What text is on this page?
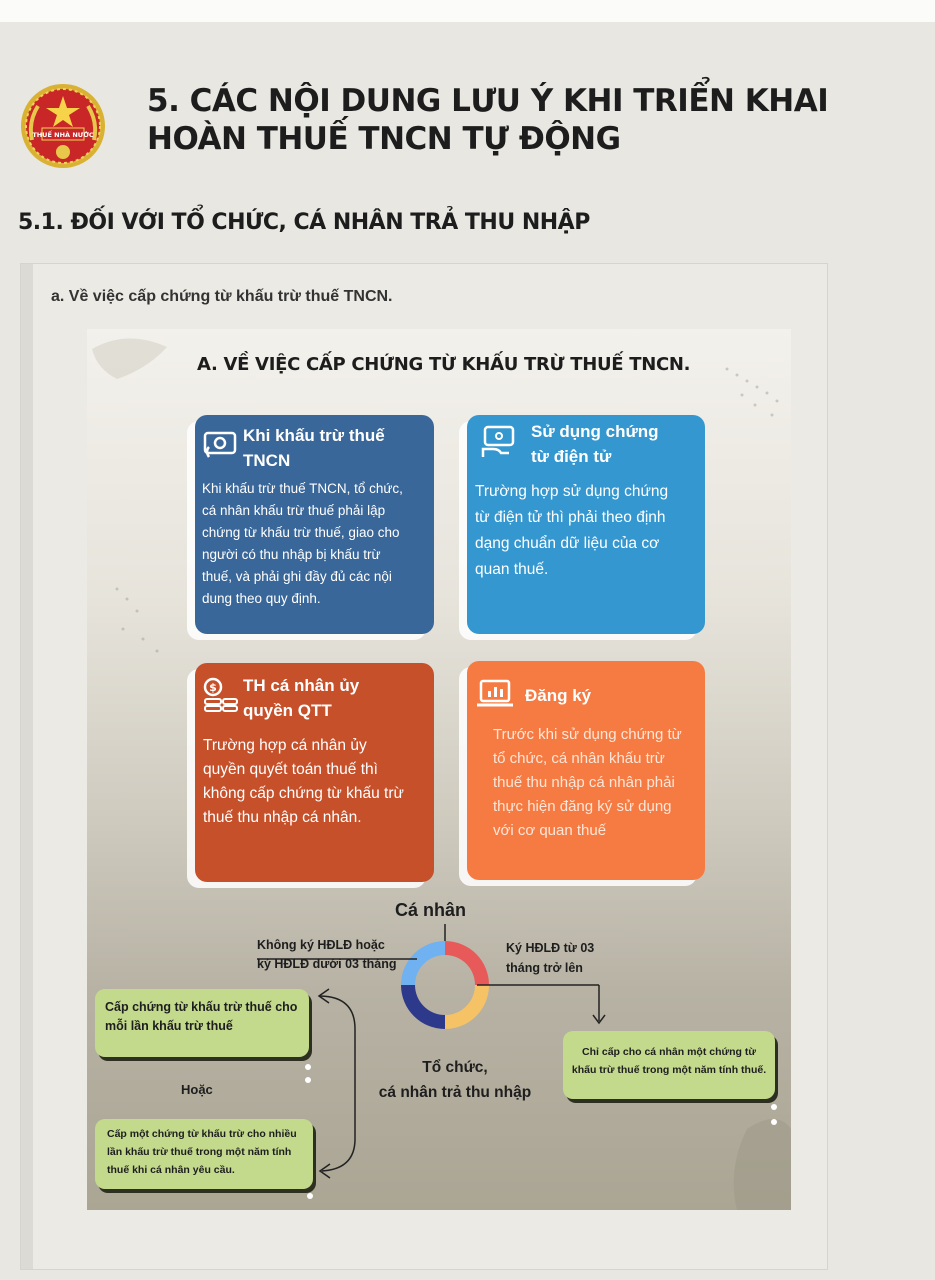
THUẾ NHÀ NƯỚC
5. CÁC NỘI DUNG LƯU Ý KHI TRIỂN KHAI
HOÀN THUẾ TNCN TỰ ĐỘNG
5.1. ĐỐI VỚI TỔ CHỨC, CÁ NHÂN TRẢ THU NHẬP
a. Về việc cấp chứng từ khấu trừ thuế TNCN.
A. VỀ VIỆC CẤP CHỨNG TỪ KHẤU TRỪ THUẾ TNCN.
Khi khấu trừ thuế
TNCN
Khi khấu trừ thuế TNCN, tổ chức,
cá nhân khấu trừ thuế phải lập
chứng từ khấu trừ thuế, giao cho
người có thu nhập bị khấu trừ
thuế, và phải ghi đầy đủ các nội
dung theo quy định.
Sử dụng chứng
từ điện tử
Trường hợp sử dụng chứng
từ điện tử thì phải theo định
dạng chuẩn dữ liệu của cơ
quan thuế.
$ TH cá nhân ủy
quyền QTT
Trường hợp cá nhân ủy
quyền quyết toán thuế thì
không cấp chứng từ khấu trừ
thuế thu nhập cá nhân.
Đăng ký
Trước khi sử dụng chứng từ
tổ chức, cá nhân khấu trừ
thuế thu nhập cá nhân phải
thực hiện đăng ký sử dụng
với cơ quan thuế
Cá nhân
Không ký HĐLĐ hoặc
ký HĐLĐ dưới 03 tháng
Ký HĐLĐ từ 03
tháng trở lên
Tổ chức,
cá nhân trả thu nhập
Hoặc
Cấp chứng từ khấu trừ thuế cho
mỗi lần khấu trừ thuế
Cấp một chứng từ khấu trừ cho nhiều
lần khấu trừ thuế trong một năm tính
thuế khi cá nhân yêu cầu.
Chỉ cấp cho cá nhân một chứng từ
khấu trừ thuế trong một năm tính thuế.
